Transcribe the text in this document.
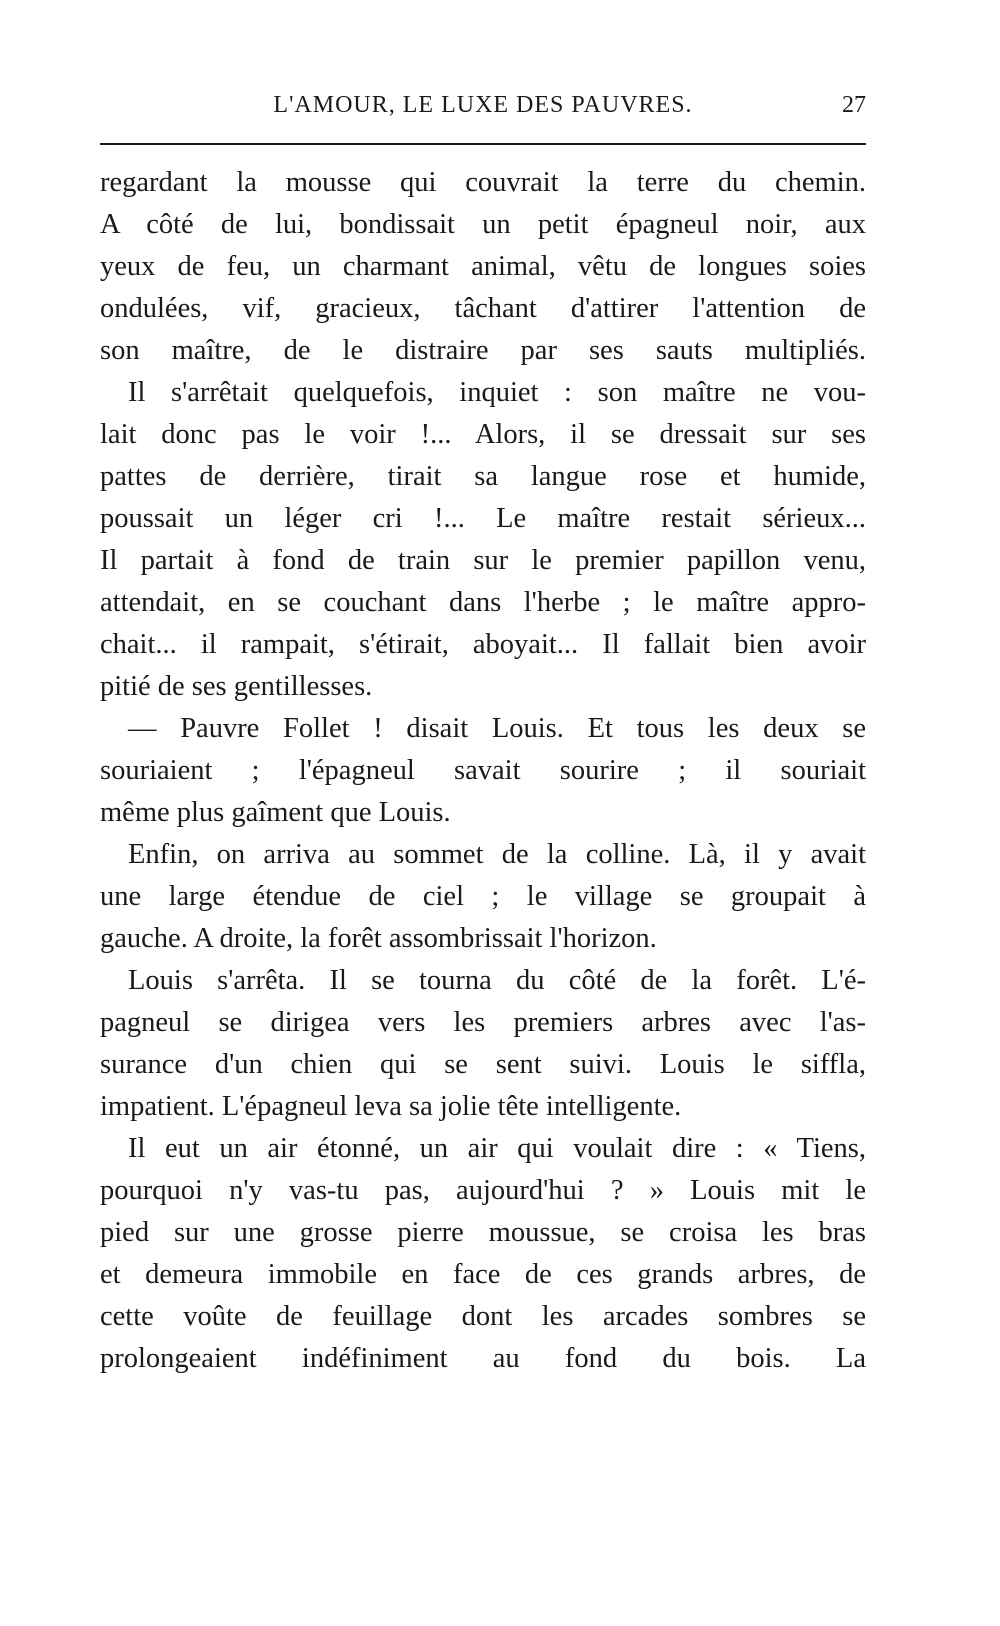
L'AMOUR, LE LUXE DES PAUVRES.	27
regardant la mousse qui couvrait la terre du chemin.
A côté de lui, bondissait un petit épagneul noir, aux
yeux de feu, un charmant animal, vêtu de longues soies
ondulées, vif, gracieux, tâchant d'attirer l'attention de
son maître, de le distraire par ses sauts multipliés.
Il s'arrêtait quelquefois, inquiet : son maître ne vou-
lait donc pas le voir !... Alors, il se dressait sur ses
pattes de derrière, tirait sa langue rose et humide,
poussait un léger cri !... Le maître restait sérieux...
Il partait à fond de train sur le premier papillon venu,
attendait, en se couchant dans l'herbe ; le maître appro-
chait... il rampait, s'étirait, aboyait... Il fallait bien avoir
pitié de ses gentillesses.
— Pauvre Follet ! disait Louis. Et tous les deux se
souriaient ; l'épagneul savait sourire ; il souriait
même plus gaîment que Louis.
Enfin, on arriva au sommet de la colline. Là, il y avait
une large étendue de ciel ; le village se groupait à
gauche. A droite, la forêt assombrissait l'horizon.
Louis s'arrêta. Il se tourna du côté de la forêt. L'é-
pagneul se dirigea vers les premiers arbres avec l'as-
surance d'un chien qui se sent suivi. Louis le siffla,
impatient. L'épagneul leva sa jolie tête intelligente.
Il eut un air étonné, un air qui voulait dire : « Tiens,
pourquoi n'y vas-tu pas, aujourd'hui ? » Louis mit le
pied sur une grosse pierre moussue, se croisa les bras
et demeura immobile en face de ces grands arbres, de
cette voûte de feuillage dont les arcades sombres se
prolongeaient indéfiniment au fond du bois. La
